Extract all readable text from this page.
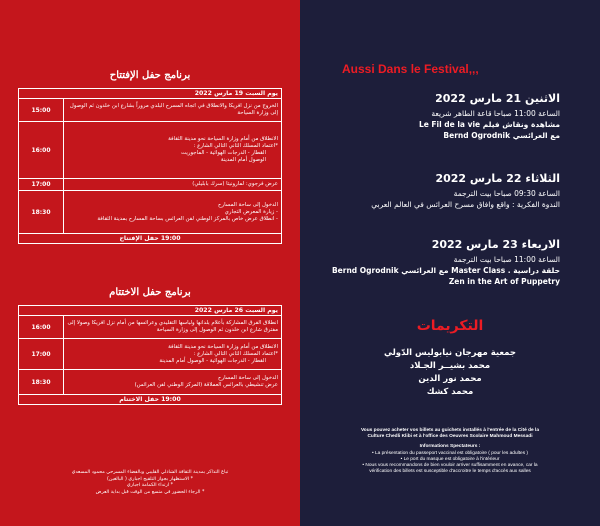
برنامج حفل الإفتتاح
يوم السبت 19 مارس 2022	

الخروج من نزل افريكا والانطلاق في اتجاه المسرح البلدي مروراً بشارع ابن خلدون ثم الوصول إلى وزارة السياحة	15:00

الانطلاق من أمام وزارة السياحة نحو مدينة الثقافة
*اعتماد المسلك الثاني التالي الشارع :
القطار - الدرجات الهوائية - الماجوريت
الوصول أمام المدينة	16:00

عرض فرجوي: لمارونيتا (سرك بابليلي)	17:00

الدخول إلى ساحة المسارح
- زيارة المعرض التجاري
- انطلاق عرض خاص بالمركز الوطني لفن العرائس بساحة المسارح بمدينة الثقافة	18:30
19:00 حفل الإفتتاح	
برنامج حفل الاختتام
يوم السبت 26 مارس 2022	

انطلاق الفرق المشاركة بأعلام بلدانها ولباسها التقليدي وعرائسها من أمام نزل افريكا وصولا إلى مفترق شارع ابن خلدون ثم الوصول إلى وزارة السياحة	16:00

الانطلاق من أمام وزارة السياحة نحو مدينة الثقافة
*اعتماد المسلك الثاني التالي الشارع :
القطار - الدرجات الهوائية - الوصول أمام المدينة	17:00

الدخول إلى ساحة المسارح
عرض تنشيطي بالعرائس العملاقة (المركز الوطني لفن العرائس)	18:30
19:00 حفل الاختتام	
تباع التذاكر بمدينة الثقافة الشاذلي القليبي وبالفضاء المسرحي محمود المسعدي
* الاستظهار بجواز التلقيح اجباري ( البالغين)
* ارتداء الكمامة اجباري
* الرجاء الحضور في متسع من الوقت قبل بداية العرض
Aussi Dans le Festival,,,
الاثنين 21 مارس 2022
الساعة 11:00 صباحا قاعة الطاهر شريعة
مشاهدة ونقاش فيلم Le Fil de la vie
مع العرائسي Bernd Ogrodnik
الثلاثاء 22 مارس 2022
الساعة 09:30 صباحا بيت الترجمة
الندوة الفكرية : واقع وافاق مسرح العرائس في العالم العربي
الاربعاء 23 مارس 2022
الساعة 11:00 صباحا بيت الترجمة
حلقة دراسية . Master Class مع العرائسي Bernd Ogrodnik
Zen in the Art of Puppetry
التكريمات
جمعية مهرجان نيابوليس الدّولي
محمد بشيــر الجـلاد
محمد نور الدين
محمد كشك
Vous pouvez acheter vos billets au guichets installés à l'entrée de la Cité de la
Culture Chedli Klibi et à l'office des Oeuvres Scolaire Mahmoud Messadi
Informations Spectateurs :
• La présentation du passeport vaccinal est obligatoire ( pour les adultes )
• Le port du masque est obligatoire à l'intérieur
• Nous vous recommandons de bien vouloir arriver suffisamment en avance, car la
vérification des billets est susceptible d'accroitre le temps d'accès aux salles
